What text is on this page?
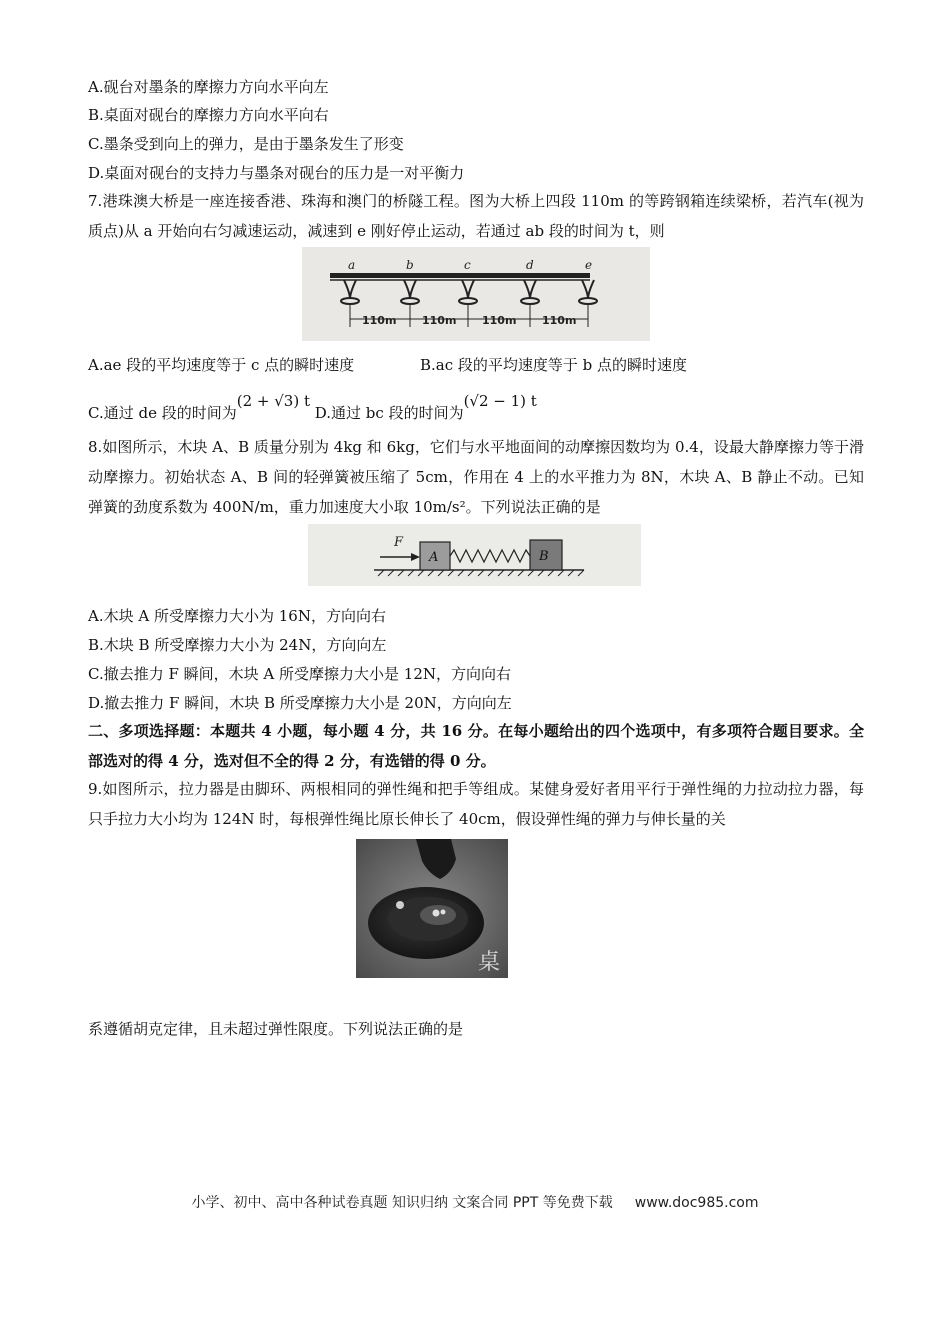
A.砚台对墨条的摩擦力方向水平向左
B.桌面对砚台的摩擦力方向水平向右
C.墨条受到向上的弹力，是由于墨条发生了形变
D.桌面对砚台的支持力与墨条对砚台的压力是一对平衡力
7.港珠澳大桥是一座连接香港、珠海和澳门的桥隧工程。图为大桥上四段 110m 的等跨钢箱连续梁桥，若汽车(视为质点)从 a 开始向右匀减速运动，减速到 e 刚好停止运动，若通过 ab 段的时间为 t，则
a	b	c	d	e
110m 110m 110m 110m
A.ae 段的平均速度等于 c 点的瞬时速度	B.ac 段的平均速度等于 b 点的瞬时速度
C.通过 de 段的时间为(2 + √3) t D.通过 bc 段的时间为(√2 − 1) t
8.如图所示，木块 A、B 质量分别为 4kg 和 6kg，它们与水平地面间的动摩擦因数均为 0.4，设最大静摩擦力等于滑动摩擦力。初始状态 A、B 间的轻弹簧被压缩了 5cm，作用在 4 上的水平推力为 8N，木块 A、B 静止不动。已知弹簧的劲度系数为 400N/m，重力加速度大小取 10m/s²。下列说法正确的是
F
A	B
A.木块 A 所受摩擦力大小为 16N，方向向右
B.木块 B 所受摩擦力大小为 24N，方向向左
C.撤去推力 F 瞬间，木块 A 所受摩擦力大小是 12N，方向向右
D.撤去推力 F 瞬间，木块 B 所受摩擦力大小是 20N，方向向左
二、多项选择题：本题共 4 小题，每小题 4 分，共 16 分。在每小题给出的四个选项中，有多项符合题目要求。全部选对的得 4 分，选对但不全的得 2 分，有选错的得 0 分。
9.如图所示，拉力器是由脚环、两根相同的弹性绳和把手等组成。某健身爱好者用平行于弹性绳的力拉动拉力器，每只手拉力大小均为 124N 时，每根弹性绳比原长伸长了 40cm，假设弹性绳的弹力与伸长量的关
桌
系遵循胡克定律，且未超过弹性限度。下列说法正确的是
小学、初中、高中各种试卷真题 知识归纳 文案合同 PPT 等免费下载 www.doc985.com
